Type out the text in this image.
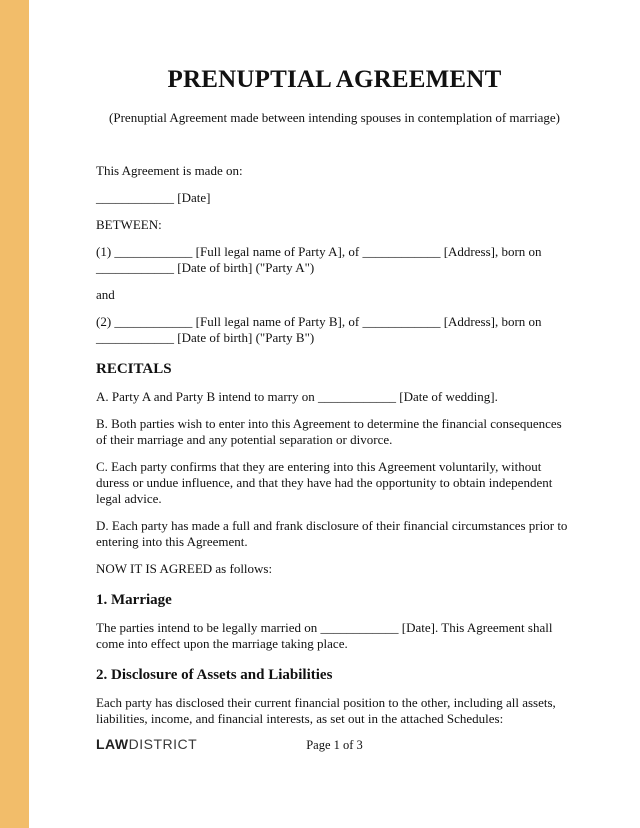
PRENUPTIAL AGREEMENT

(Prenuptial Agreement made between intending spouses in contemplation of marriage)

This Agreement is made on:

____________ [Date]

BETWEEN:

(1) ____________ [Full legal name of Party A], of ____________ [Address], born on ____________ [Date of birth] ("Party A")

and

(2) ____________ [Full legal name of Party B], of ____________ [Address], born on ____________ [Date of birth] ("Party B")

RECITALS

A. Party A and Party B intend to marry on ____________ [Date of wedding].

B. Both parties wish to enter into this Agreement to determine the financial consequences of their marriage and any potential separation or divorce.

C. Each party confirms that they are entering into this Agreement voluntarily, without duress or undue influence, and that they have had the opportunity to obtain independent legal advice.

D. Each party has made a full and frank disclosure of their financial circumstances prior to entering into this Agreement.

NOW IT IS AGREED as follows:

1. Marriage

The parties intend to be legally married on ____________ [Date]. This Agreement shall come into effect upon the marriage taking place.

2. Disclosure of Assets and Liabilities

Each party has disclosed their current financial position to the other, including all assets, liabilities, income, and financial interests, as set out in the attached Schedules:

LAWDISTRICT	Page 1 of 3
